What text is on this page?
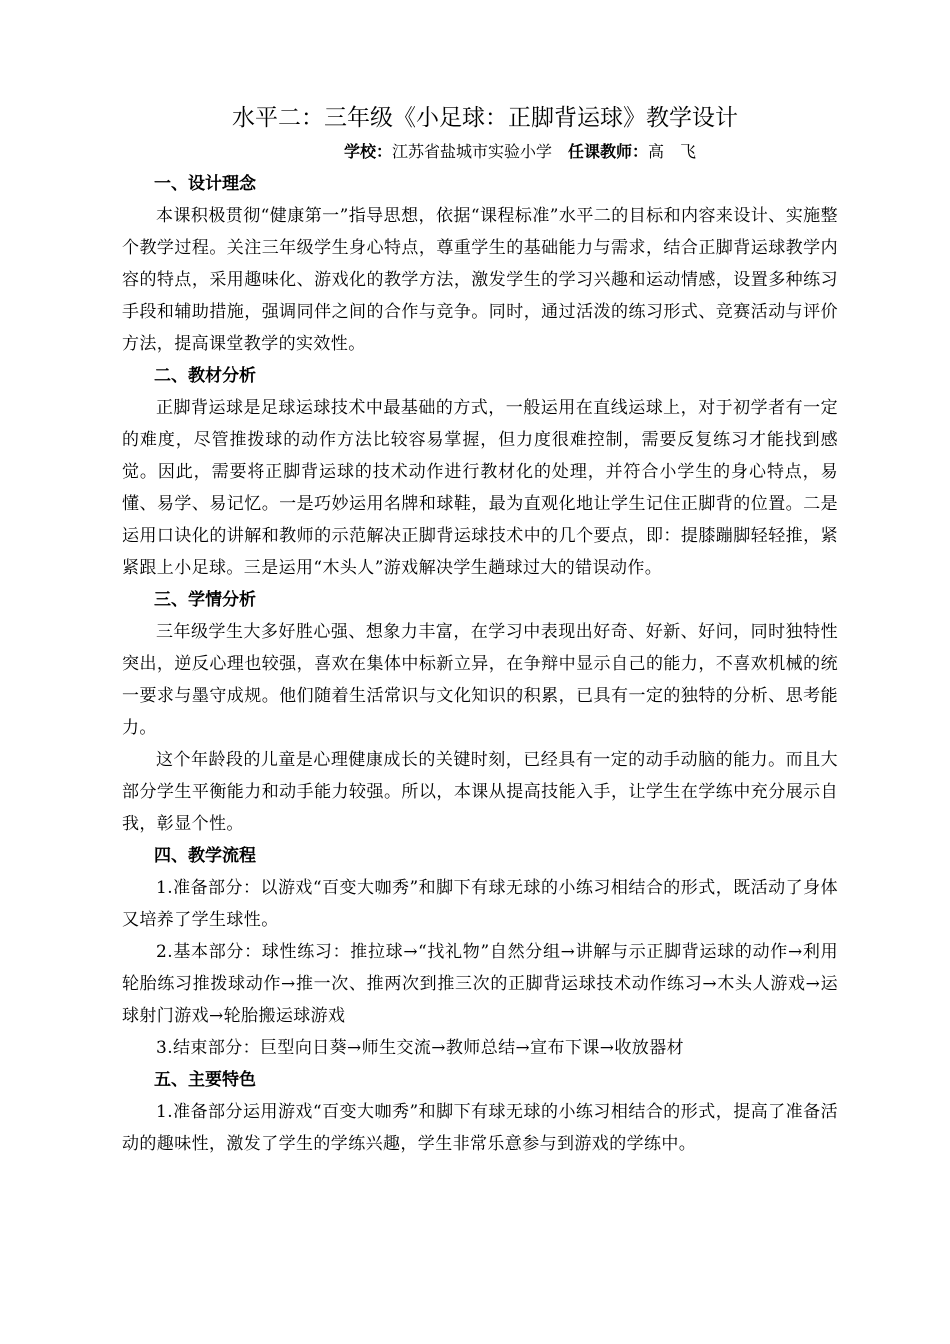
水平二：三年级《小足球：正脚背运球》教学设计
学校：江苏省盐城市实验小学　 任课教师：高　飞
一、设计理念

本课积极贯彻“健康第一”指导思想，依据“课程标准”水平二的目标和内容来设计、实施整个教学过程。关注三年级学生身心特点，尊重学生的基础能力与需求，结合正脚背运球教学内容的特点，采用趣味化、游戏化的教学方法，激发学生的学习兴趣和运动情感，设置多种练习手段和辅助措施，强调同伴之间的合作与竞争。同时，通过活泼的练习形式、竞赛活动与评价方法，提高课堂教学的实效性。

二、教材分析

正脚背运球是足球运球技术中最基础的方式，一般运用在直线运球上，对于初学者有一定的难度，尽管推拨球的动作方法比较容易掌握，但力度很难控制，需要反复练习才能找到感觉。因此，需要将正脚背运球的技术动作进行教材化的处理，并符合小学生的身心特点，易懂、易学、易记忆。一是巧妙运用名牌和球鞋，最为直观化地让学生记住正脚背的位置。二是运用口诀化的讲解和教师的示范解决正脚背运球技术中的几个要点，即：提膝蹦脚轻轻推，紧紧跟上小足球。三是运用“木头人”游戏解决学生趟球过大的错误动作。

三、学情分析

三年级学生大多好胜心强、想象力丰富，在学习中表现出好奇、好新、好问，同时独特性突出，逆反心理也较强，喜欢在集体中标新立异，在争辩中显示自己的能力，不喜欢机械的统一要求与墨守成规。他们随着生活常识与文化知识的积累，已具有一定的独特的分析、思考能力。

这个年龄段的儿童是心理健康成长的关键时刻，已经具有一定的动手动脑的能力。而且大部分学生平衡能力和动手能力较强。所以，本课从提高技能入手，让学生在学练中充分展示自我，彰显个性。

四、教学流程

1.准备部分：以游戏“百变大咖秀”和脚下有球无球的小练习相结合的形式，既活动了身体又培养了学生球性。

2.基本部分：球性练习：推拉球→“找礼物”自然分组→讲解与示正脚背运球的动作→利用轮胎练习推拨球动作→推一次、推两次到推三次的正脚背运球技术动作练习→木头人游戏→运球射门游戏→轮胎搬运球游戏

3.结束部分：巨型向日葵→师生交流→教师总结→宣布下课→收放器材

五、主要特色

1.准备部分运用游戏“百变大咖秀”和脚下有球无球的小练习相结合的形式，提高了准备活动的趣味性，激发了学生的学练兴趣，学生非常乐意参与到游戏的学练中。
